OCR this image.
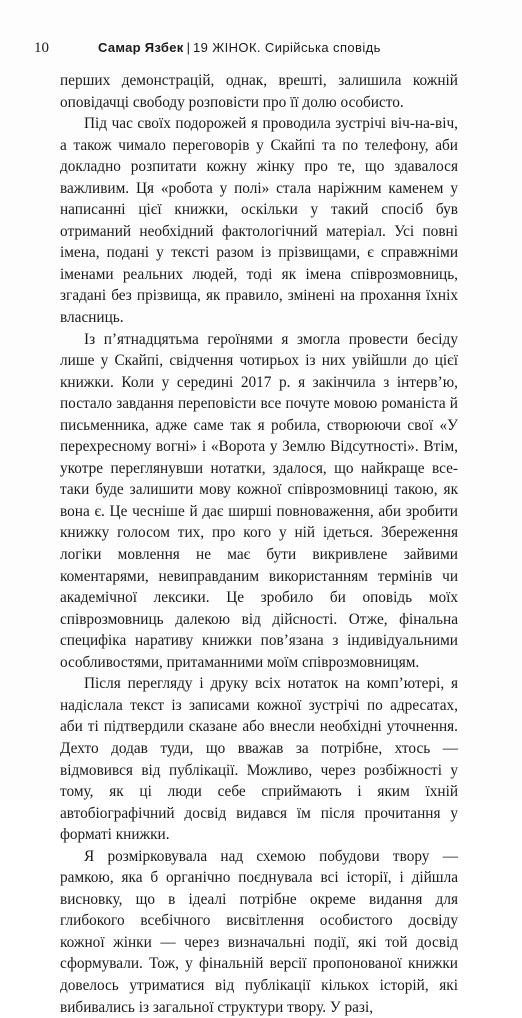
10	Самар Язбек | 19 ЖІНОК. Сирійська сповідь

перших демонстрацій, однак, врешті, залишила кожній оповідачці свободу розповісти про її долю особисто.

Під час своїх подорожей я проводила зустрічі віч-на-віч, а також чимало переговорів у Скайпі та по телефону, аби докладно розпитати кожну жінку про те, що здавалося важливим. Ця «робота у полі» стала наріжним каменем у написанні цієї книжки, оскільки у такий спосіб був отриманий необхідний фактологічний матеріал. Усі повні імена, подані у тексті разом із прізвищами, є справжніми іменами реальних людей, тоді як імена співрозмовниць, згадані без прізвища, як правило, змінені на прохання їхніх власниць.

Із п’ятнадцятьма героїнями я змогла провести бесіду лише у Скайпі, свідчення чотирьох із них увійшли до цієї книжки. Коли у середині 2017 р. я закінчила з інтерв’ю, постало завдання переповісти все почуте мовою романіста й письменника, адже саме так я робила, створюючи свої «У перехресному вогні» і «Ворота у Землю Відсутності». Втім, укотре переглянувши нотатки, здалося, що найкраще все-таки буде залишити мову кожної співрозмовниці такою, як вона є. Це чесніше й дає ширші повноваження, аби зробити книжку голосом тих, про кого у ній ідеться. Збереження логіки мовлення не має бути викривлене зайвими коментарями, невиправданим використанням термінів чи академічної лексики. Це зробило би оповідь моїх співрозмовниць далекою від дійсності. Отже, фінальна специфіка наративу книжки пов’язана з індивідуальними особливостями, притаманними моїм співрозмовницям.

Після перегляду і друку всіх нотаток на комп’ютері, я надіслала текст із записами кожної зустрічі по адресатах, аби ті підтвердили сказане або внесли необхідні уточнення. Дехто додав туди, що вважав за потрібне, хтось — відмовився від публікації. Можливо, через розбіжності у тому, як ці люди себе сприймають і яким їхній автобіографічний досвід видався їм після прочитання у форматі книжки.

Я розмірковувала над схемою побудови твору — рамкою, яка б органічно поєднувала всі історії, і дійшла висновку, що в ідеалі потрібне окреме видання для глибокого всебічного висвітлення особистого досвіду кожної жінки — через визначальні події, які той досвід сформували. Тож, у фінальній версії пропонованої книжки довелось утриматися від публікації кількох історій, які вибивались із загальної структури твору. У разі,
